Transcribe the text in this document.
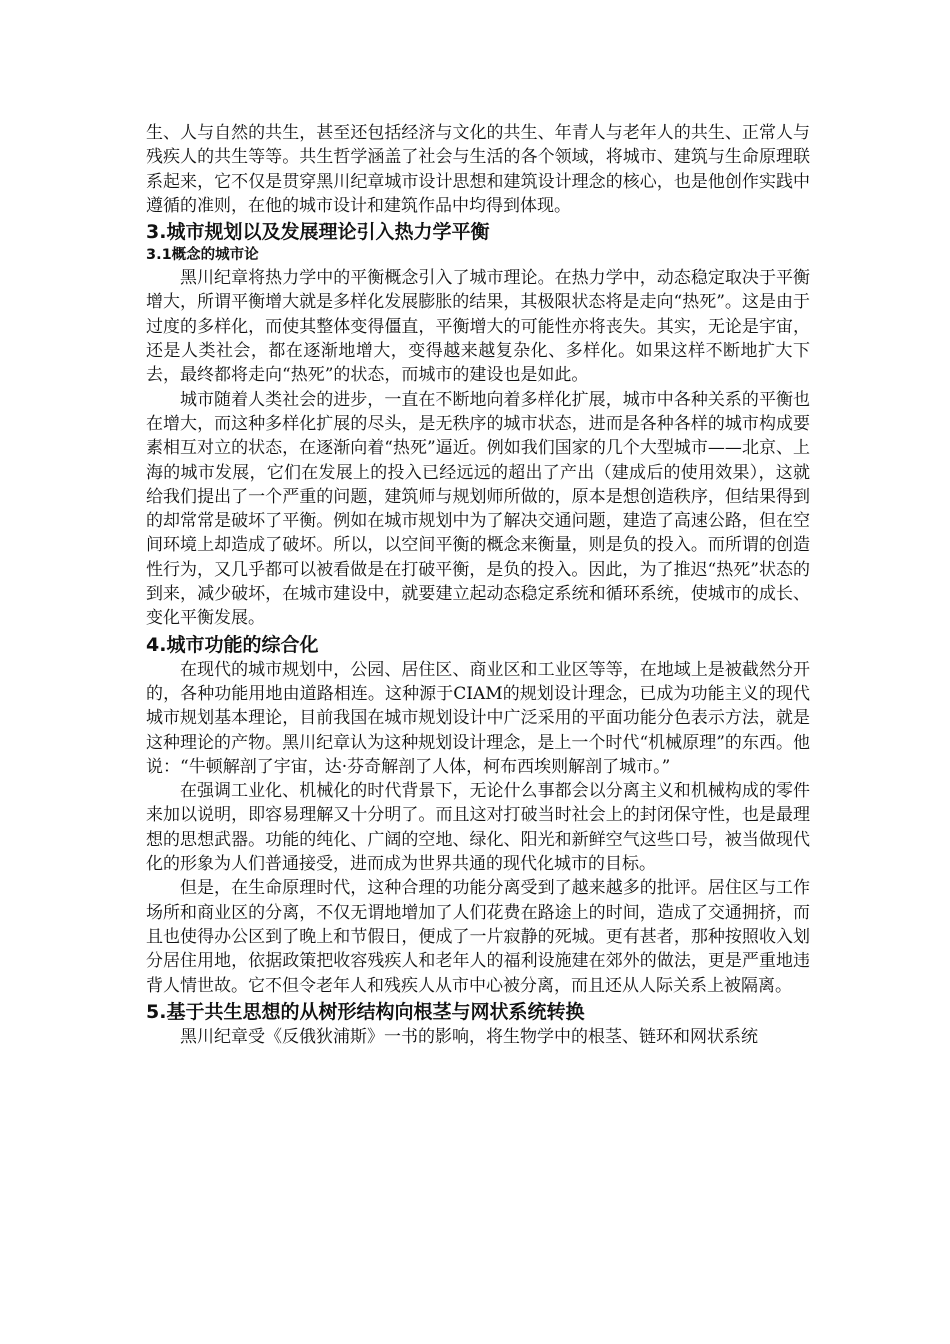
生、人与自然的共生，甚至还包括经济与文化的共生、年青人与老年人的共生、正常人与残疾人的共生等等。共生哲学涵盖了社会与生活的各个领域，将城市、建筑与生命原理联系起来，它不仅是贯穿黑川纪章城市设计思想和建筑设计理念的核心，也是他创作实践中遵循的准则，在他的城市设计和建筑作品中均得到体现。

3.城市规划以及发展理论引入热力学平衡
3.1概念的城市论

黑川纪章将热力学中的平衡概念引入了城市理论。在热力学中，动态稳定取决于平衡增大，所谓平衡增大就是多样化发展膨胀的结果，其极限状态将是走向“热死”。这是由于过度的多样化，而使其整体变得僵直，平衡增大的可能性亦将丧失。其实，无论是宇宙，还是人类社会，都在逐渐地增大，变得越来越复杂化、多样化。如果这样不断地扩大下去，最终都将走向“热死”的状态，而城市的建设也是如此。

城市随着人类社会的进步，一直在不断地向着多样化扩展，城市中各种关系的平衡也在增大，而这种多样化扩展的尽头，是无秩序的城市状态，进而是各种各样的城市构成要素相互对立的状态，在逐渐向着“热死”逼近。例如我们国家的几个大型城市——北京、上海的城市发展，它们在发展上的投入已经远远的超出了产出（建成后的使用效果），这就给我们提出了一个严重的问题，建筑师与规划师所做的，原本是想创造秩序，但结果得到的却常常是破坏了平衡。例如在城市规划中为了解决交通问题，建造了高速公路，但在空间环境上却造成了破坏。所以，以空间平衡的概念来衡量，则是负的投入。而所谓的创造性行为，又几乎都可以被看做是在打破平衡，是负的投入。因此，为了推迟“热死”状态的到来，减少破坏，在城市建设中，就要建立起动态稳定系统和循环系统，使城市的成长、变化平衡发展。

4.城市功能的综合化

在现代的城市规划中，公园、居住区、商业区和工业区等等，在地域上是被截然分开的，各种功能用地由道路相连。这种源于CIAM的规划设计理念，已成为功能主义的现代城市规划基本理论，目前我国在城市规划设计中广泛采用的平面功能分色表示方法，就是这种理论的产物。黑川纪章认为这种规划设计理念，是上一个时代“机械原理”的东西。他说：“牛顿解剖了宇宙，达·芬奇解剖了人体，柯布西埃则解剖了城市。”

在强调工业化、机械化的时代背景下，无论什么事都会以分离主义和机械构成的零件来加以说明，即容易理解又十分明了。而且这对打破当时社会上的封闭保守性，也是最理想的思想武器。功能的纯化、广阔的空地、绿化、阳光和新鲜空气这些口号，被当做现代化的形象为人们普通接受，进而成为世界共通的现代化城市的目标。

但是，在生命原理时代，这种合理的功能分离受到了越来越多的批评。居住区与工作场所和商业区的分离，不仅无谓地增加了人们花费在路途上的时间，造成了交通拥挤，而且也使得办公区到了晚上和节假日，便成了一片寂静的死城。更有甚者，那种按照收入划分居住用地，依据政策把收容残疾人和老年人的福利设施建在郊外的做法，更是严重地违背人情世故。它不但令老年人和残疾人从市中心被分离，而且还从人际关系上被隔离。

5.基于共生思想的从树形结构向根茎与网状系统转换

黑川纪章受《反俄狄浦斯》一书的影响，将生物学中的根茎、链环和网状系统
